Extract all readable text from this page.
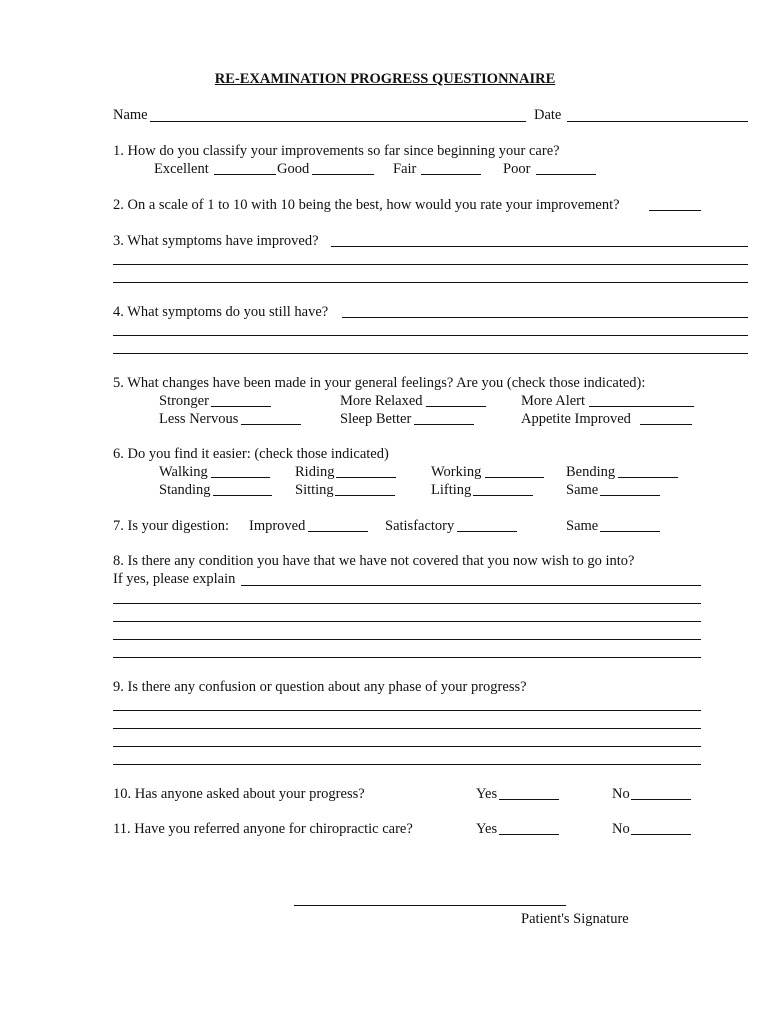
RE-EXAMINATION PROGRESS QUESTIONNAIRE
Name	Date
1. How do you classify your improvements so far since beginning your care?
Excellent	Good	Fair	Poor
2. On a scale of 1 to 10 with 10 being the best, how would you rate your improvement?
3. What symptoms have improved?
4. What symptoms do you still have?
5. What changes have been made in your general feelings? Are you (check those indicated):
Stronger	More Relaxed	More Alert
Less Nervous	Sleep Better	Appetite Improved
6. Do you find it easier: (check those indicated)
Walking	Riding	Working	Bending
Standing	Sitting	Lifting	Same
7. Is your digestion: Improved	Satisfactory	Same
8. Is there any condition you have that we have not covered that you now wish to go into?
If yes, please explain
9. Is there any confusion or question about any phase of your progress?
10. Has anyone asked about your progress?	Yes	No
11. Have you referred anyone for chiropractic care?	Yes	No
Patient's Signature
